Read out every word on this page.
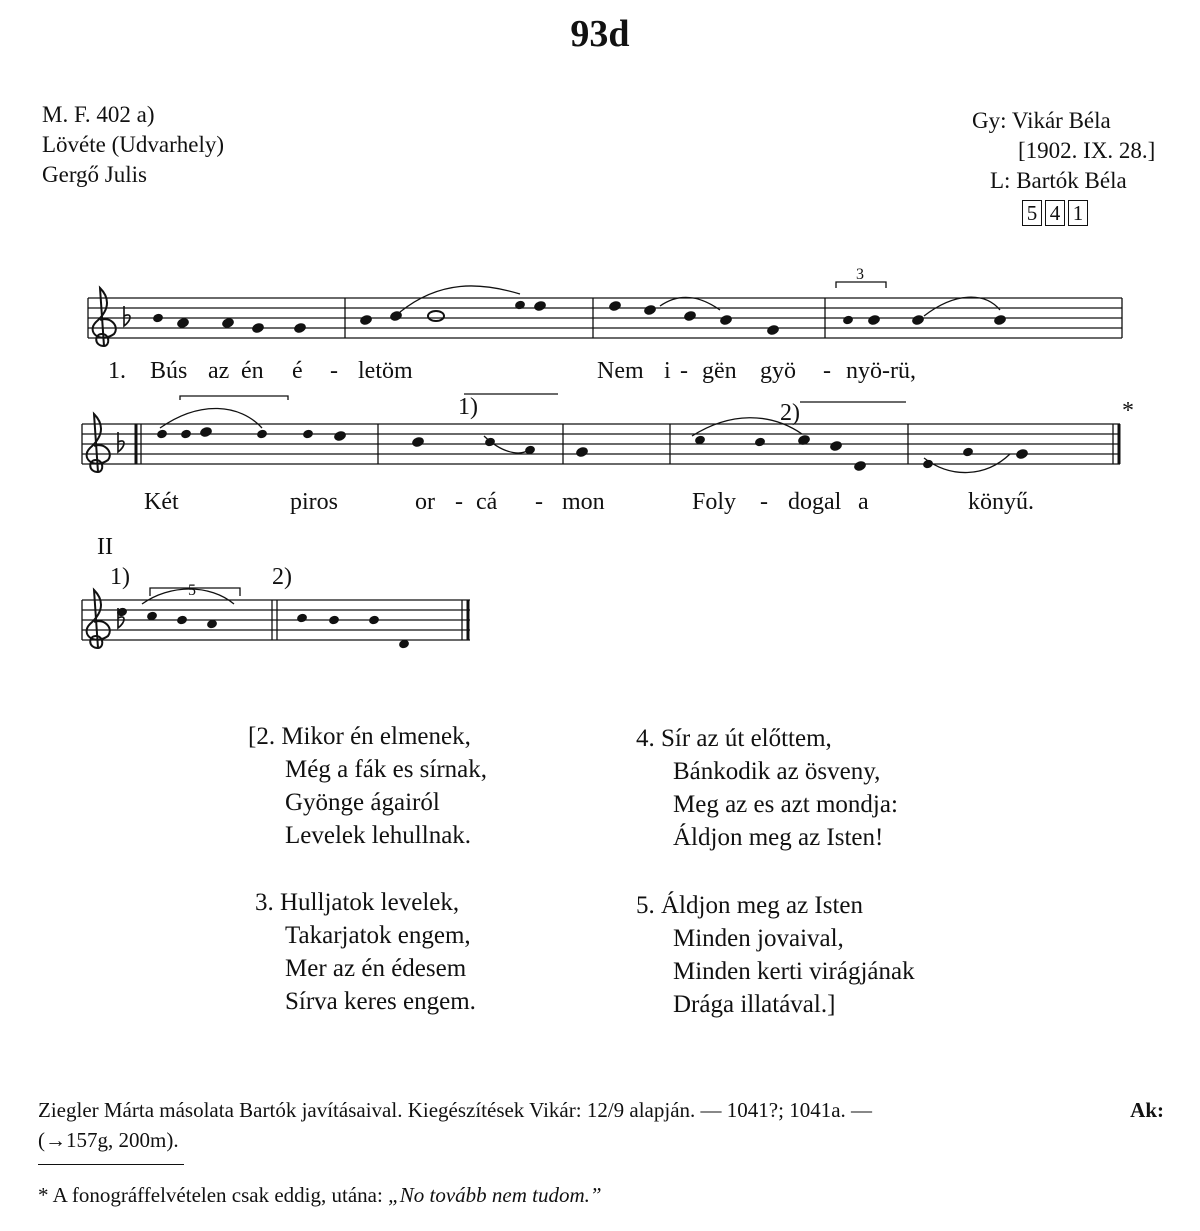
93d
M. F. 402 a)
Lövéte (Udvarhely)
Gergő Julis
Gy: Vikár Béla
[1902. IX. 28.]
L: Bartók Béla
5 4 1
3
5
1)	2)	*
II
1)	2)
1. Bús az én é - letöm	Nem i - gën gyö - nyö-rü,
Két	piros	or - cá - mon	Foly - dogal a	könyű.
[2. Mikor én elmenek,
Még a fák es sírnak,
Gyönge ágairól
Levelek lehullnak.
3. Hulljatok levelek,
Takarjatok engem,
Mer az én édesem
Sírva keres engem.
4. Sír az út előttem,
Bánkodik az ösveny,
Meg az es azt mondja:
Áldjon meg az Isten!
5. Áldjon meg az Isten
Minden jovaival,
Minden kerti virágjának
Drága illatával.]
Ziegler Márta másolata Bartók javításaival. Kiegészítések Vikár: 12/9 alapján. — 1041?; 1041a. —	Ak:
(→157g, 200m).
* A fonográffelvételen csak eddig, utána: „No tovább nem tudom.”
